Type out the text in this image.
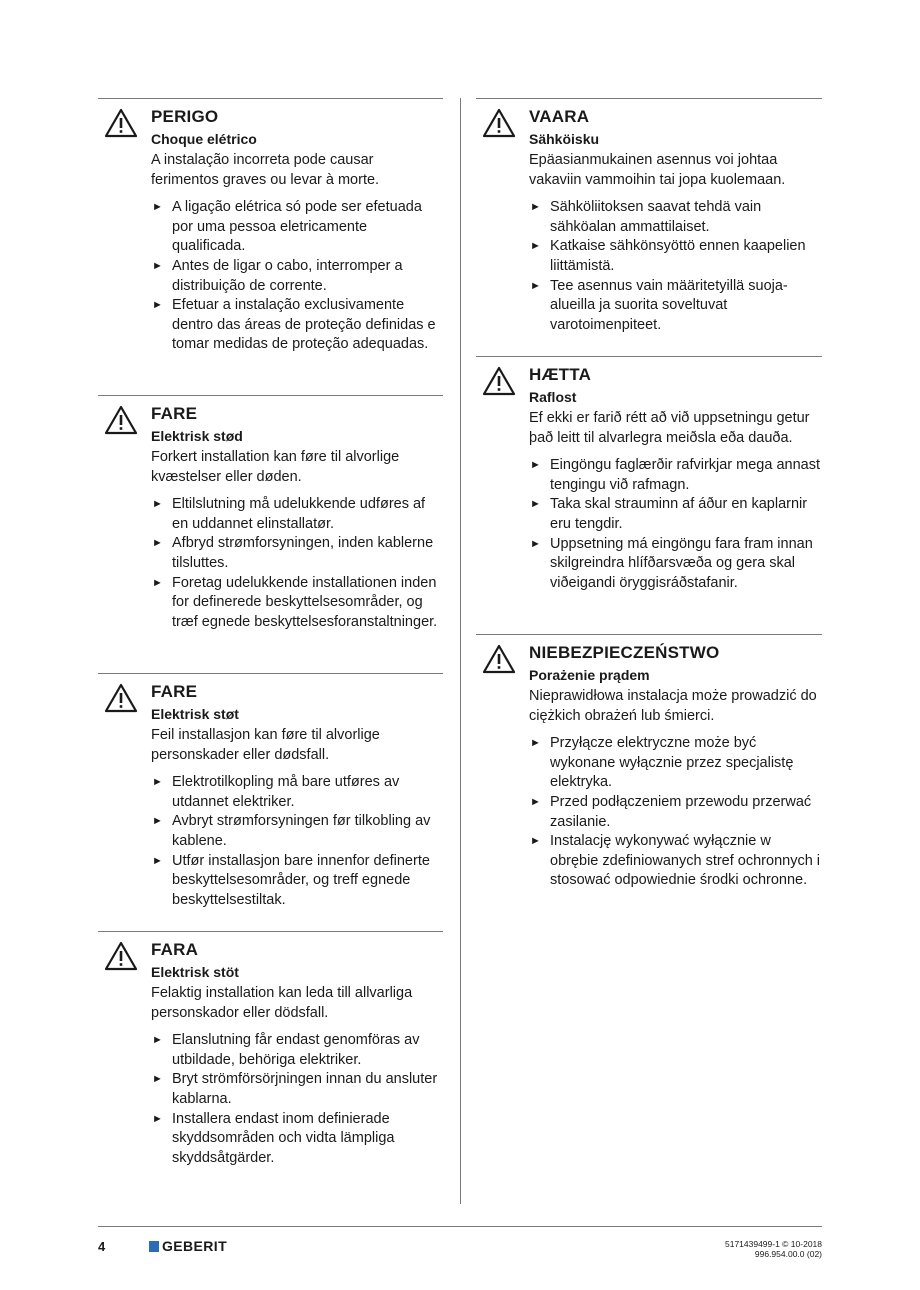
PERIGO
Choque elétrico

A instalação incorreta pode causar ferimentos graves ou levar à morte.

► A ligação elétrica só pode ser efetuada por uma pessoa eletricamente qualificada.
► Antes de ligar o cabo, interromper a distribuição de corrente.
► Efetuar a instalação exclusivamente dentro das áreas de proteção definidas e tomar medidas de proteção adequadas.
FARE
Elektrisk stød

Forkert installation kan føre til alvorlige kvæstelser eller døden.

► Eltilslutning må udelukkende udføres af en uddannet elinstallatør.
► Afbryd strømforsyningen, inden kablerne tilsluttes.
► Foretag udelukkende installationen inden for definerede beskyttelsesområder, og træf egnede beskyttelsesforanstaltninger.
FARE
Elektrisk støt

Feil installasjon kan føre til alvorlige personskader eller dødsfall.

► Elektrotilkopling må bare utføres av utdannet elektriker.
► Avbryt strømforsyningen før tilkobling av kablene.
► Utfør installasjon bare innenfor definerte beskyttelsesområder, og treff egnede beskyttelsestiltak.
FARA
Elektrisk stöt

Felaktig installation kan leda till allvarliga personskador eller dödsfall.

► Elanslutning får endast genomföras av utbildade, behöriga elektriker.
► Bryt strömförsörjningen innan du ansluter kablarna.
► Installera endast inom definierade skyddsområden och vidta lämpliga skyddsåtgärder.
VAARA
Sähköisku

Epäasianmukainen asennus voi johtaa vakaviin vammoihin tai jopa kuolemaan.

► Sähköliitoksen saavat tehdä vain sähköalan ammattilaiset.
► Katkaise sähkönsyöttö ennen kaapelien liittämistä.
► Tee asennus vain määritetyillä suoja-alueilla ja suorita soveltuvat varotoimenpiteet.
HÆTTA
Raflost

Ef ekki er farið rétt að við uppsetningu getur það leitt til alvarlegra meiðsla eða dauða.

► Eingöngu faglærðir rafvirkjar mega annast tengingu við rafmagn.
► Taka skal strauminn af áður en kaplarnir eru tengdir.
► Uppsetning má eingöngu fara fram innan skilgreindra hlífðarsvæða og gera skal viðeigandi öryggisráðstafanir.
NIEBEZPIECZEŃSTWO
Porażenie prądem

Nieprawidłowa instalacja może prowadzić do ciężkich obrażeń lub śmierci.

► Przyłącze elektryczne może być wykonane wyłącznie przez specjalistę elektryka.
► Przed podłączeniem przewodu przerwać zasilanie.
► Instalację wykonywać wyłącznie w obrębie zdefiniowanych stref ochronnych i stosować odpowiednie środki ochronne.
4	GEBERIT	5171439499-1 © 10-2018
996.954.00.0 (02)
